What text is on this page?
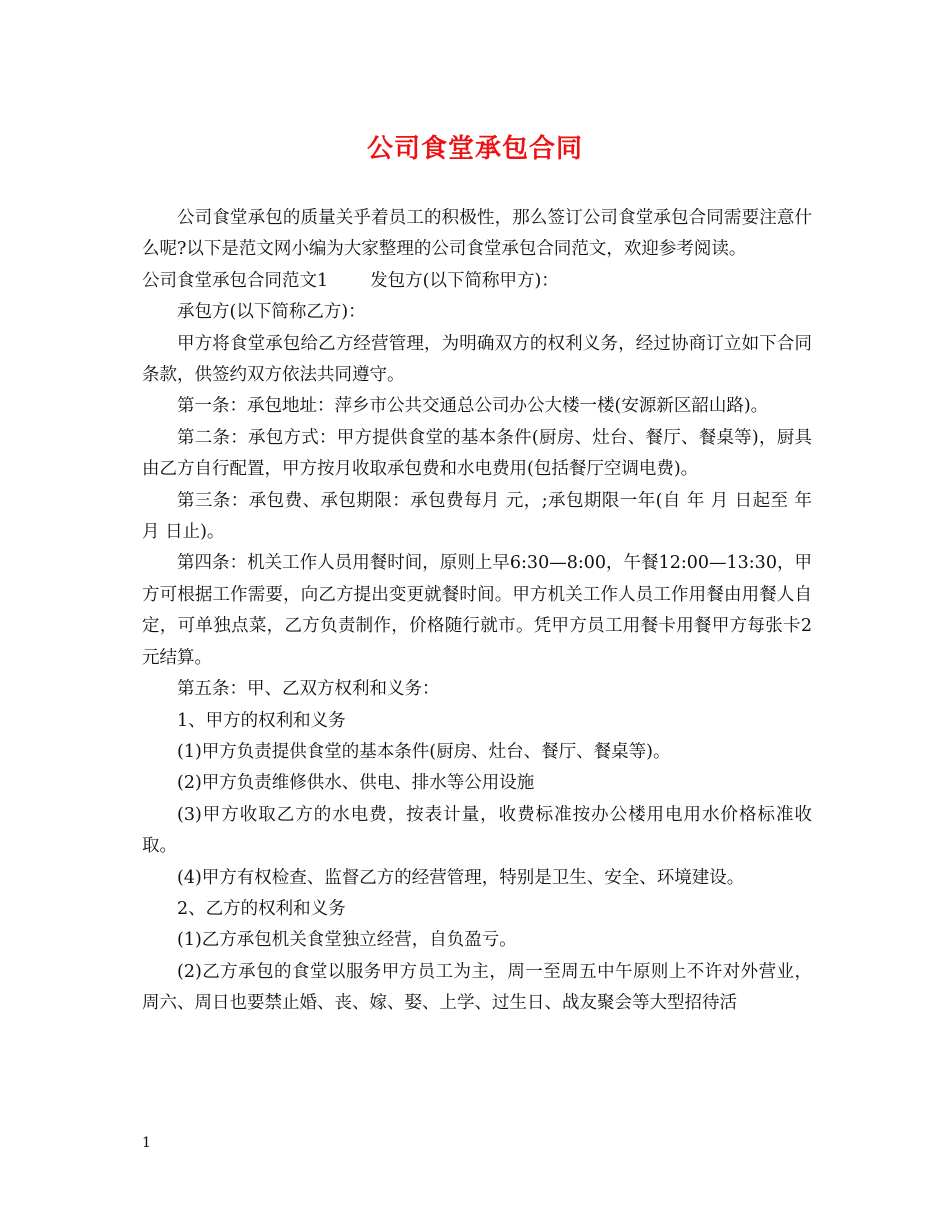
公司食堂承包合同

公司食堂承包的质量关乎着员工的积极性，那么签订公司食堂承包合同需要注意什么呢?以下是范文网小编为大家整理的公司食堂承包合同范文，欢迎参考阅读。

公司食堂承包合同范文1 发包方(以下简称甲方)：

承包方(以下简称乙方)：

甲方将食堂承包给乙方经营管理，为明确双方的权利义务，经过协商订立如下合同条款，供签约双方依法共同遵守。

第一条：承包地址：萍乡市公共交通总公司办公大楼一楼(安源新区韶山路)。

第二条：承包方式：甲方提供食堂的基本条件(厨房、灶台、餐厅、餐桌等)，厨具由乙方自行配置，甲方按月收取承包费和水电费用(包括餐厅空调电费)。

第三条：承包费、承包期限：承包费每月 元，;承包期限一年(自 年 月 日起至 年 月 日止)。

第四条：机关工作人员用餐时间，原则上早6:30—8:00，午餐12:00—13:30，甲方可根据工作需要，向乙方提出变更就餐时间。甲方机关工作人员工作用餐由用餐人自定，可单独点菜，乙方负责制作，价格随行就市。凭甲方员工用餐卡用餐甲方每张卡2元结算。

第五条：甲、乙双方权利和义务：

1、甲方的权利和义务

(1)甲方负责提供食堂的基本条件(厨房、灶台、餐厅、餐桌等)。

(2)甲方负责维修供水、供电、排水等公用设施

(3)甲方收取乙方的水电费，按表计量，收费标准按办公楼用电用水价格标准收取。

(4)甲方有权检查、监督乙方的经营管理，特别是卫生、安全、环境建设。

2、乙方的权利和义务

(1)乙方承包机关食堂独立经营，自负盈亏。

(2)乙方承包的食堂以服务甲方员工为主，周一至周五中午原则上不许对外营业，周六、周日也要禁止婚、丧、嫁、娶、上学、过生日、战友聚会等大型招待活

1
